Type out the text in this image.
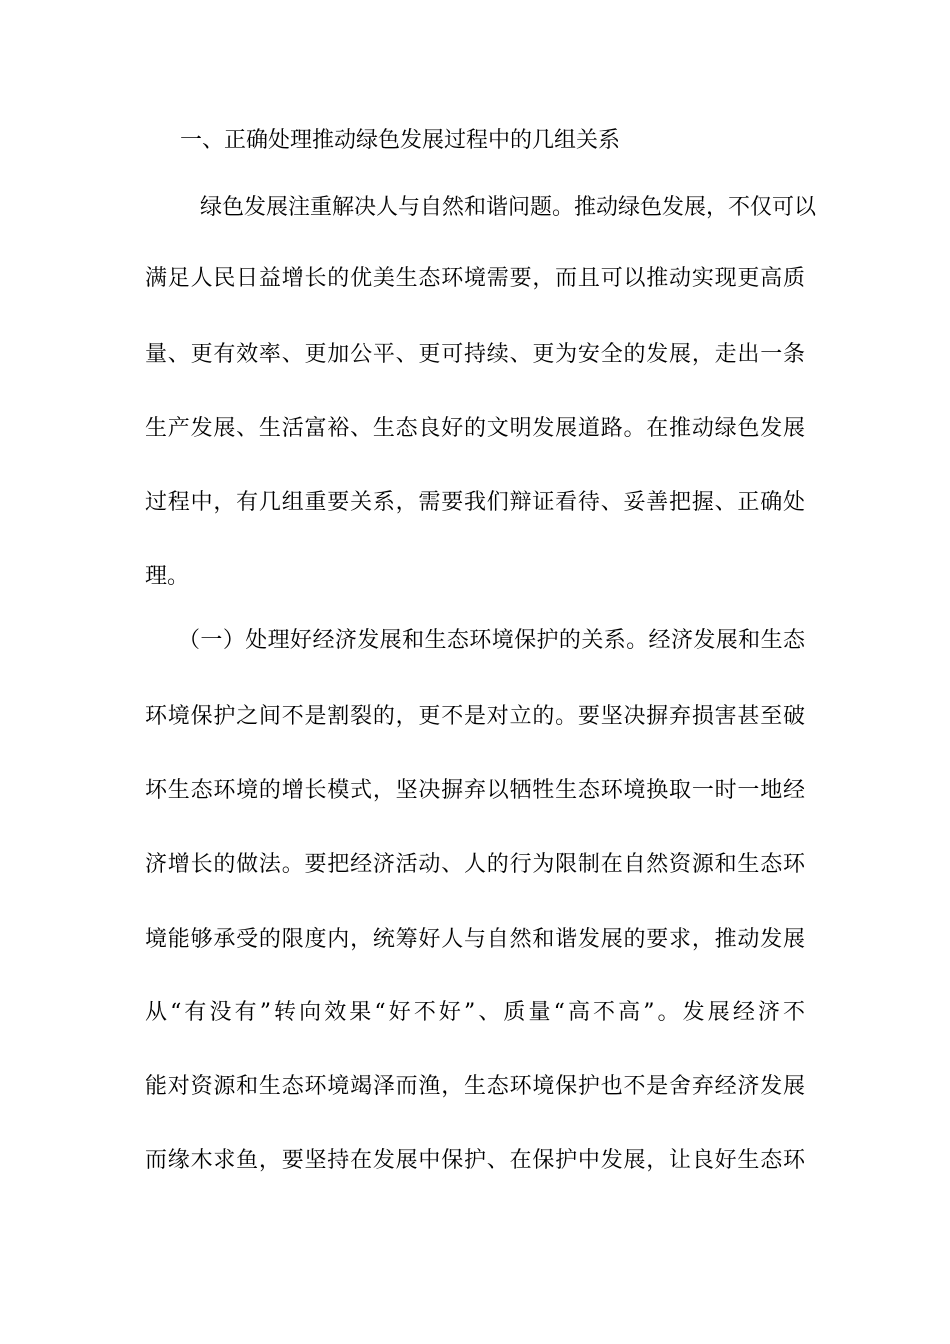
一、正确处理推动绿色发展过程中的几组关系
　绿色发展注重解决人与自然和谐问题。推动绿色发展，不仅可以
满足人民日益增长的优美生态环境需要，而且可以推动实现更高质
量、更有效率、更加公平、更可持续、更为安全的发展，走出一条
生产发展、生活富裕、生态良好的文明发展道路。在推动绿色发展
过程中，有几组重要关系，需要我们辩证看待、妥善把握、正确处
理。
（一）处理好经济发展和生态环境保护的关系。经济发展和生态
环境保护之间不是割裂的，更不是对立的。要坚决摒弃损害甚至破
坏生态环境的增长模式，坚决摒弃以牺牲生态环境换取一时一地经
济增长的做法。要把经济活动、人的行为限制在自然资源和生态环
境能够承受的限度内，统筹好人与自然和谐发展的要求，推动发展
从“有没有”转向效果“好不好”、质量“高不高”。发展经济不
能对资源和生态环境竭泽而渔，生态环境保护也不是舍弃经济发展
而缘木求鱼，要坚持在发展中保护、在保护中发展，让良好生态环
